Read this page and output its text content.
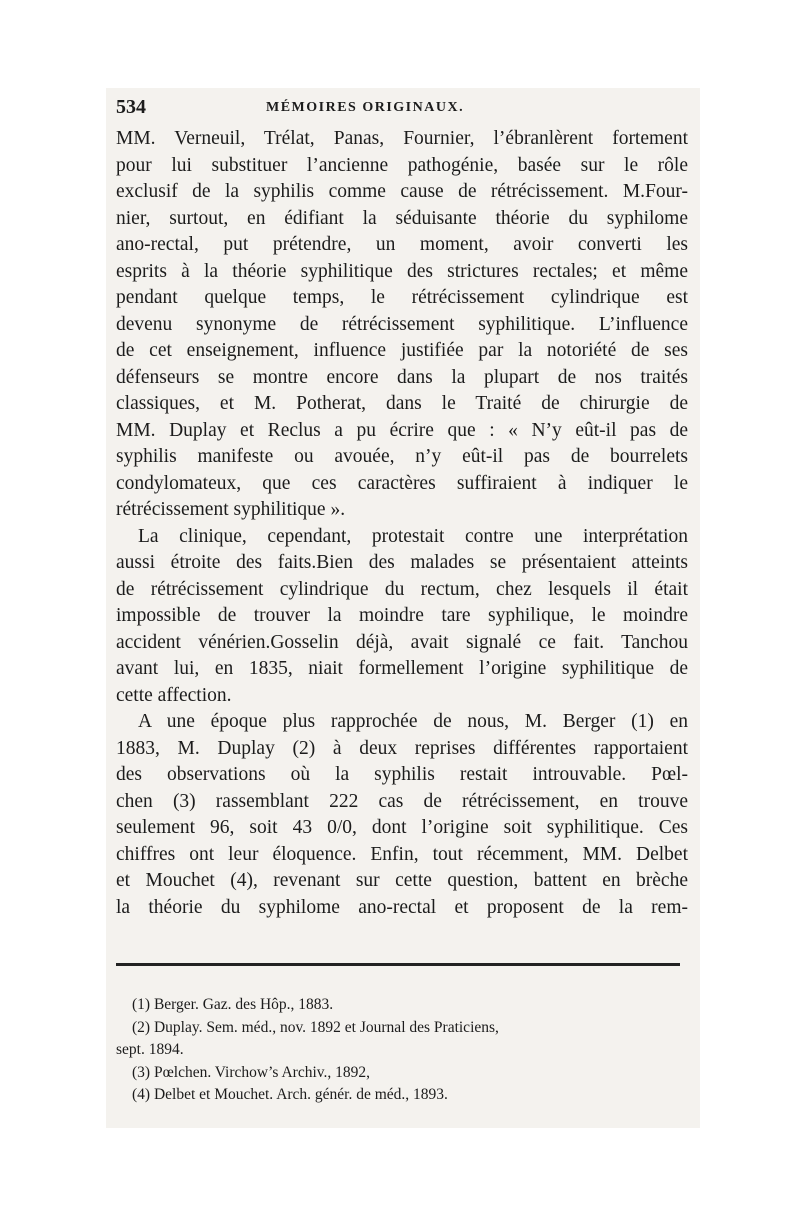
534	MÉMOIRES ORIGINAUX.
MM. Verneuil, Trélat, Panas, Fournier, l’ébranlèrent fortement
pour lui substituer l’ancienne pathogénie, basée sur le rôle
exclusif de la syphilis comme cause de rétrécissement. M.Four-
nier, surtout, en édifiant la séduisante théorie du syphilome
ano-rectal, put prétendre, un moment, avoir converti les
esprits à la théorie syphilitique des strictures rectales; et même
pendant quelque temps, le rétrécissement cylindrique est
devenu synonyme de rétrécissement syphilitique. L’influence
de cet enseignement, influence justifiée par la notoriété de ses
défenseurs se montre encore dans la plupart de nos traités
classiques, et M. Potherat, dans le Traité de chirurgie de
MM. Duplay et Reclus a pu écrire que : « N’y eût-il pas de
syphilis manifeste ou avouée, n’y eût-il pas de bourrelets
condylomateux, que ces caractères suffiraient à indiquer le
rétrécissement syphilitique ».
La clinique, cependant, protestait contre une interprétation
aussi étroite des faits.Bien des malades se présentaient atteints
de rétrécissement cylindrique du rectum, chez lesquels il était
impossible de trouver la moindre tare syphilique, le moindre
accident vénérien.Gosselin déjà, avait signalé ce fait. Tanchou
avant lui, en 1835, niait formellement l’origine syphilitique de
cette affection.
A une époque plus rapprochée de nous, M. Berger (1) en
1883, M. Duplay (2) à deux reprises différentes rapportaient
des observations où la syphilis restait introuvable. Pœl-
chen (3) rassemblant 222 cas de rétrécissement, en trouve
seulement 96, soit 43 0/0, dont l’origine soit syphilitique. Ces
chiffres ont leur éloquence. Enfin, tout récemment, MM. Delbet
et Mouchet (4), revenant sur cette question, battent en brèche
la théorie du syphilome ano-rectal et proposent de la rem-
(1) Berger. Gaz. des Hôp., 1883.
(2) Duplay. Sem. méd., nov. 1892 et Journal des Praticiens,
sept. 1894.
(3) Pœlchen. Virchow’s Archiv., 1892,
(4) Delbet et Mouchet. Arch. génér. de méd., 1893.
